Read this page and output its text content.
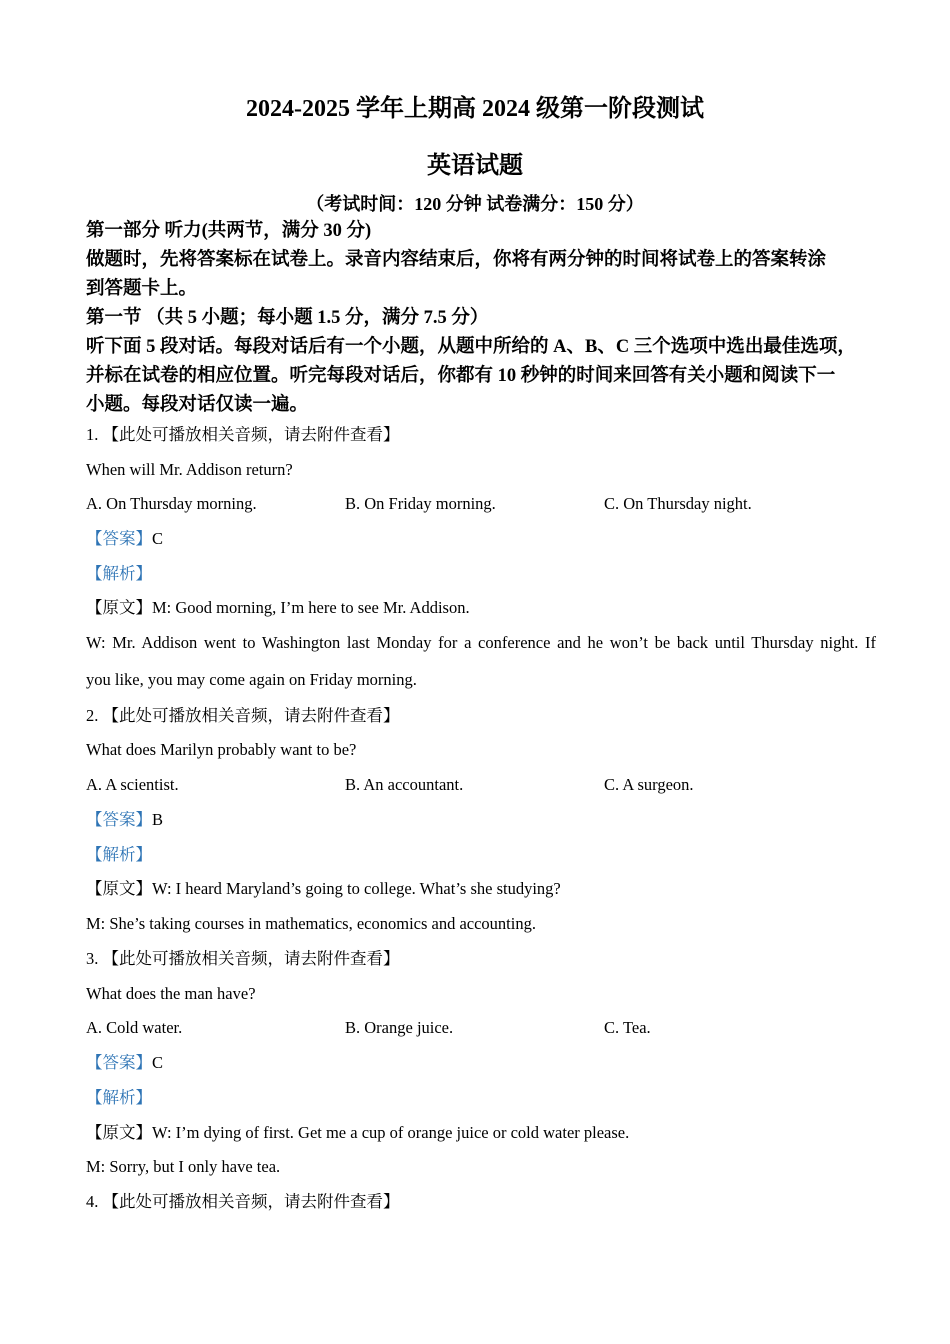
2024-2025 学年上期高 2024 级第一阶段测试
英语试题
（考试时间：120 分钟 试卷满分：150 分）
第一部分 听力(共两节，满分 30 分)
做题时，先将答案标在试卷上。录音内容结束后，你将有两分钟的时间将试卷上的答案转涂
到答题卡上。
第一节 （共 5 小题；每小题 1.5 分，满分 7.5 分）
听下面 5 段对话。每段对话后有一个小题，从题中所给的 A、B、C 三个选项中选出最佳选项，
并标在试卷的相应位置。听完每段对话后，你都有 10 秒钟的时间来回答有关小题和阅读下一
小题。每段对话仅读一遍。
1. 【此处可播放相关音频，请去附件查看】
When will Mr. Addison return?
A. On Thursday morning.	B. On Friday morning.	C. On Thursday night.
【答案】C
【解析】
【原文】M: Good morning, I’m here to see Mr. Addison.
W: Mr. Addison went to Washington last Monday for a conference and he won’t be back until Thursday night. If
you like, you may come again on Friday morning.
2. 【此处可播放相关音频，请去附件查看】
What does Marilyn probably want to be?
A. A scientist.	B. An accountant.	C. A surgeon.
【答案】B
【解析】
【原文】W: I heard Maryland’s going to college. What’s she studying?
M: She’s taking courses in mathematics, economics and accounting.
3. 【此处可播放相关音频，请去附件查看】
What does the man have?
A. Cold water.	B. Orange juice.	C. Tea.
【答案】C
【解析】
【原文】W: I’m dying of first. Get me a cup of orange juice or cold water please.
M: Sorry, but I only have tea.
4. 【此处可播放相关音频，请去附件查看】
